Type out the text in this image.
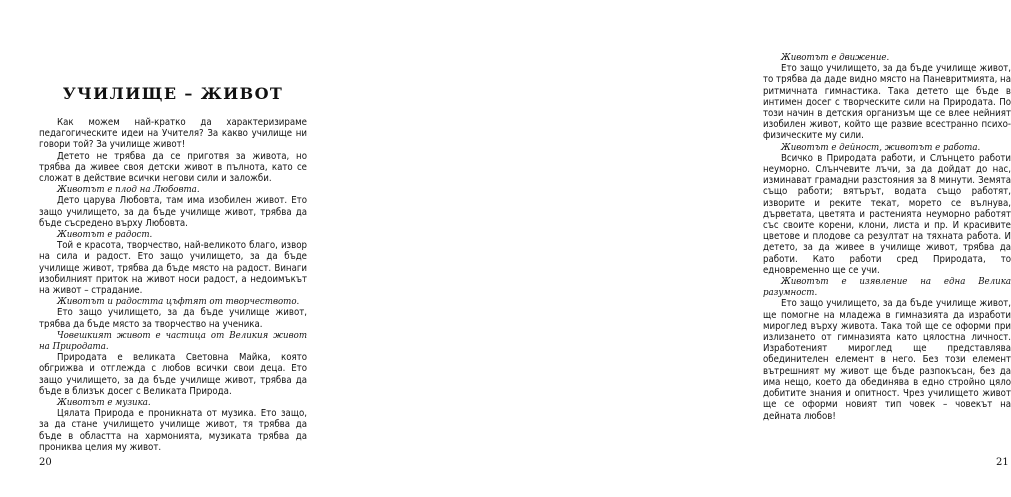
УЧИЛИЩЕ – ЖИВОТ

Как можем най-кратко да характеризираме педагогическите идеи на Учителя? За какво училище ни говори той? За училище живот!

Детето не трябва да се приготвя за живота, но трябва да живее своя детски живот в пълнота, като се сложат в действие всички негови сили и заложби.

Животът е плод на Любовта.

Дето царува Любовта, там има изобилен живот. Ето защо училището, за да бъде училище живот, трябва да бъде съсредено върху Любовта.

Животът е радост.

Той е красота, творчество, най-великото благо, извор на сила и радост. Ето защо училището, за да бъде училище живот, трябва да бъде място на радост. Винаги изобилният приток на живот носи радост, а недоимъкът на живот – страдание.

Животът и радостта цъфтят от творчеството.

Ето защо училището, за да бъде училище живот, трябва да бъде място за творчество на ученика.

Човешкият живот е частица от Великия живот на Природата.

Природата е великата Световна Майка, която обгрижва и отглежда с любов всички свои деца. Ето защо училището, за да бъде училище живот, трябва да бъде в близък досег с Великата Природа.

Животът е музика.

Цялата Природа е проникната от музика. Ето защо, за да стане училището училище живот, тя трябва да бъде в областта на хармонията, музиката трябва да прониква целия му живот.

20

Животът е движение.

Ето защо училището, за да бъде училище живот, то трябва да даде видно място на Паневритмията, на ритмичната гимнастика. Така детето ще бъде в интимен досег с творческите сили на Природата. По този начин в детския организъм ще се влее нейният изобилен живот, който ще развие всестранно психо-физическите му сили.

Животът е дейност, животът е работа.

Всичко в Природата работи, и Слънцето работи неуморно. Слънчевите лъчи, за да дойдат до нас, изминават грамадни разстояния за 8 минути. Земята също работи; вятърът, водата също работят, изворите и реките текат, морето се вълнува, дърветата, цветята и растенията неуморно работят със своите корени, клони, листа и пр. И красивите цветове и плодове са резултат на тяхната работа. И детето, за да живее в училище живот, трябва да работи. Като работи сред Природата, то едновременно ще се учи.

Животът е изявление на една Велика разумност.

Ето защо училището, за да бъде училище живот, ще помогне на младежа в гимназията да изработи мироглед върху живота. Така той ще се оформи при излизането от гимназията като цялостна личност. Изработеният мироглед ще представлява обединителен елемент в него. Без този елемент вътрешният му живот ще бъде разпокъсан, без да има нещо, което да обединява в едно стройно цяло добитите знания и опитност. Чрез училището живот ще се оформи новият тип човек – човекът на дейната любов!

21
